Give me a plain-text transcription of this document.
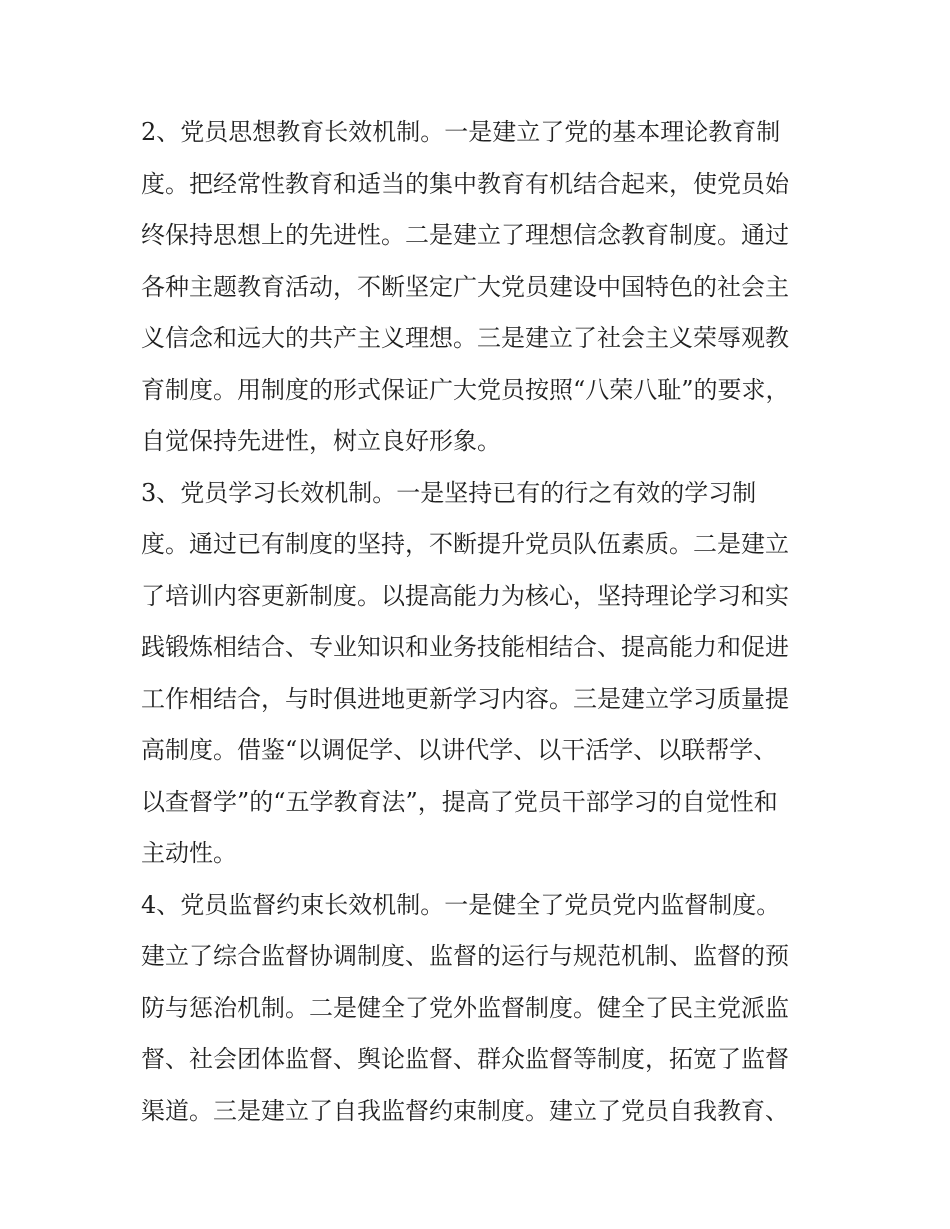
2、党员思想教育长效机制。一是建立了党的基本理论教育制
度。把经常性教育和适当的集中教育有机结合起来，使党员始
终保持思想上的先进性。二是建立了理想信念教育制度。通过
各种主题教育活动，不断坚定广大党员建设中国特色的社会主
义信念和远大的共产主义理想。三是建立了社会主义荣辱观教
育制度。用制度的形式保证广大党员按照“八荣八耻”的要求，
自觉保持先进性，树立良好形象。
3、党员学习长效机制。一是坚持已有的行之有效的学习制
度。通过已有制度的坚持，不断提升党员队伍素质。二是建立
了培训内容更新制度。以提高能力为核心，坚持理论学习和实
践锻炼相结合、专业知识和业务技能相结合、提高能力和促进
工作相结合，与时俱进地更新学习内容。三是建立学习质量提
高制度。借鉴“以调促学、以讲代学、以干活学、以联帮学、
以查督学”的“五学教育法”，提高了党员干部学习的自觉性和
主动性。
4、党员监督约束长效机制。一是健全了党员党内监督制度。
建立了综合监督协调制度、监督的运行与规范机制、监督的预
防与惩治机制。二是健全了党外监督制度。健全了民主党派监
督、社会团体监督、舆论监督、群众监督等制度，拓宽了监督
渠道。三是建立了自我监督约束制度。建立了党员自我教育、
